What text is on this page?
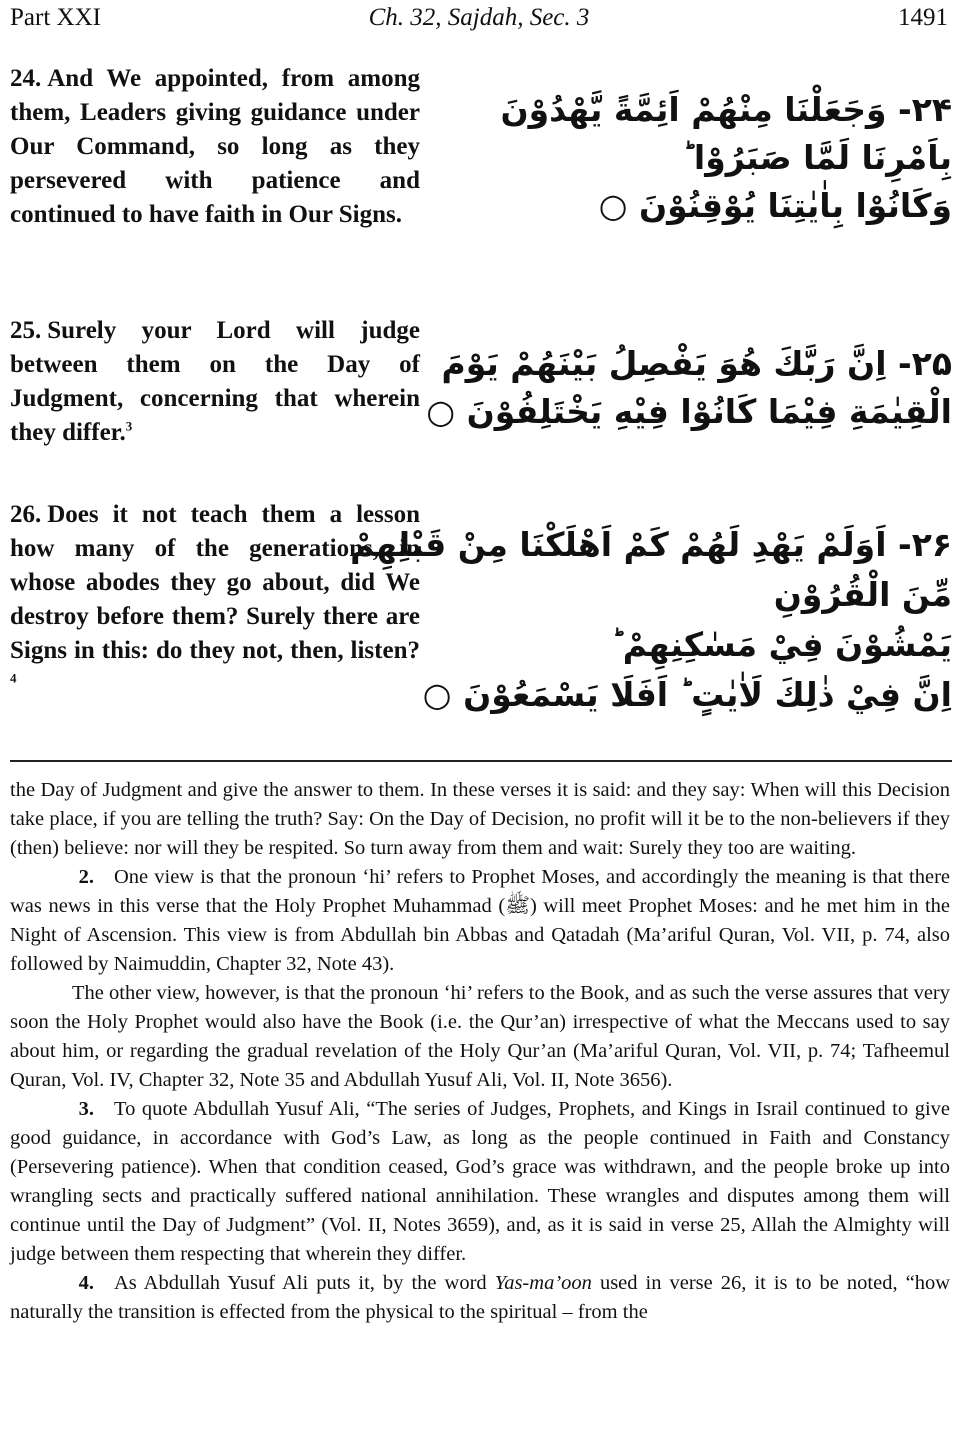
Part XXI	Ch. 32, Sajdah, Sec. 3	1491
24. And We appointed, from among them, Leaders giving guidance under Our Command, so long as they persevered with patience and continued to have faith in Our Signs.
۲۴- وَجَعَلْنَا مِنْهُمْ اَئِمَّةً يَّهْدُوْنَ
بِاَمْرِنَا لَمَّا صَبَرُوْا ؕ
وَكَانُوْا بِاٰيٰتِنَا يُوْقِنُوْنَ ○
25. Surely your Lord will judge between them on the Day of Judgment, concerning that wherein they differ.$^3$
۲۵- اِنَّ رَبَّكَ هُوَ يَفْصِلُ بَيْنَهُمْ يَوْمَ
الْقِيٰمَةِ فِيْمَا كَانُوْا فِيْهِ يَخْتَلِفُوْنَ ○
26. Does it not teach them a lesson how many of the generations, in whose abodes they go about, did We destroy before them? Surely there are Signs in this: do they not, then, listen?$^4$
۲۶- اَوَلَمْ يَهْدِ لَهُمْ كَمْ اَهْلَكْنَا مِنْ قَبْلِهِمْ
مِّنَ الْقُرُوْنِ
يَمْشُوْنَ فِيْ مَسٰكِنِهِمْ ؕ
اِنَّ فِيْ ذٰلِكَ لَاٰيٰتٍ ؕ اَفَلَا يَسْمَعُوْنَ ○

the Day of Judgment and give the answer to them. In these verses it is said: and they say: When will this Decision take place, if you are telling the truth? Say: On the Day of Decision, no profit will it be to the non-believers if they (then) believe: nor will they be respited. So turn away from them and wait: Surely they too are waiting.

2. One view is that the pronoun ‘hi’ refers to Prophet Moses, and accordingly the meaning is that there was news in this verse that the Holy Prophet Muhammad (ﷺ) will meet Prophet Moses: and he met him in the Night of Ascension. This view is from Abdullah bin Abbas and Qatadah (Ma’ariful Quran, Vol. VII, p. 74, also followed by Naimuddin, Chapter 32, Note 43).

The other view, however, is that the pronoun ‘hi’ refers to the Book, and as such the verse assures that very soon the Holy Prophet would also have the Book (i.e. the Qur’an) irrespective of what the Meccans used to say about him, or regarding the gradual revelation of the Holy Qur’an (Ma’ariful Quran, Vol. VII, p. 74; Tafheemul Quran, Vol. IV, Chapter 32, Note 35 and Abdullah Yusuf Ali, Vol. II, Note 3656).

3. To quote Abdullah Yusuf Ali, “The series of Judges, Prophets, and Kings in Israil continued to give good guidance, in accordance with God’s Law, as long as the people continued in Faith and Constancy (Persevering patience). When that condition ceased, God’s grace was withdrawn, and the people broke up into wrangling sects and practically suffered national annihilation. These wrangles and disputes among them will continue until the Day of Judgment” (Vol. II, Notes 3659), and, as it is said in verse 25, Allah the Almighty will judge between them respecting that wherein they differ.

4. As Abdullah Yusuf Ali puts it, by the word Yas-ma’oon used in verse 26, it is to be noted, “how naturally the transition is effected from the physical to the spiritual – from the
